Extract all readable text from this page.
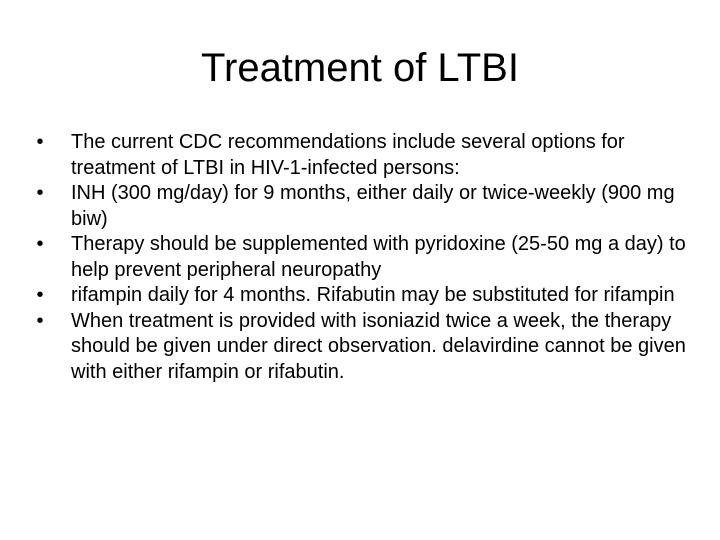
Treatment of LTBI
•	The current CDC recommendations include several options for treatment of LTBI in HIV-1-infected persons:
•	INH (300 mg/day) for 9 months, either daily or twice-weekly (900 mg biw)
•	Therapy should be supplemented with pyridoxine (25-50 mg a day) to help prevent peripheral neuropathy
•	rifampin daily for 4 months. Rifabutin may be substituted for rifampin
•	When treatment is provided with isoniazid twice a week, the therapy should be given under direct observation. delavirdine cannot be given with either rifampin or rifabutin.
